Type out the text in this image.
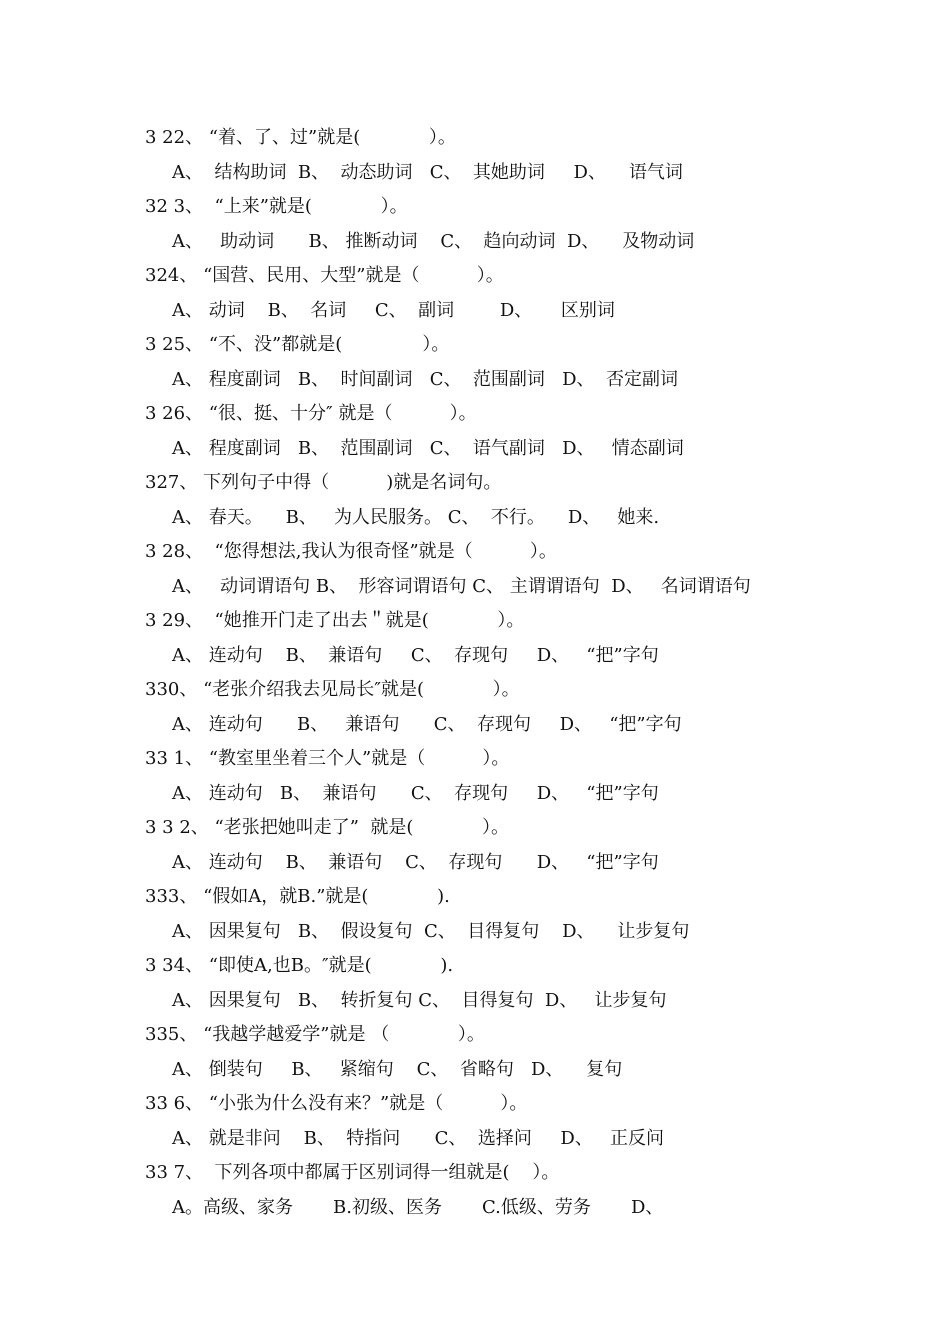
3 22、 “着、了、过”就是(            ）。
A、  结构助词  B、  动态助词   C、  其她助词     D、    语气词
32 3、  “上来”就是(            ）。
A、   助动词      B、 推断动词    C、  趋向动词  D、    及物动词
324、 “国营、民用、大型”就是（          ）。
A、 动词    B、  名词     C、  副词        D、     区别词
3 25、 “不、没”都就是(              ）。
A、 程度副词   B、  时间副词   C、  范围副词   D、  否定副词
3 26、 “很、挺、十分″ 就是（          ）。
A、 程度副词   B、  范围副词   C、  语气副词   D、   情态副词
327、 下列句子中得（          )就是名词句。
A、 春天。    B、   为人民服务。 C、  不行。    D、   她来.
3 28、  “您得想法,我认为很奇怪”就是（          ）。
A、   动词谓语句 B、  形容词谓语句 C、 主谓谓语句  D、   名词谓语句
3 29、  “她推开门走了出去＂就是(            ）。
A、 连动句    B、  兼语句     C、  存现句     D、   “把”字句
330、 “老张介绍我去见局长″就是(            ）。
A、 连动句      B、   兼语句      C、  存现句     D、   “把”字句
33 1、 “教室里坐着三个人”就是（          ）。
A、 连动句   B、  兼语句      C、  存现句     D、   “把”字句
3 3 2、 “老张把她叫走了”  就是(            ）。
A、 连动句    B、  兼语句    C、  存现句      D、   “把”字句
333、 “假如A，就B.”就是(            ).
A、 因果复句   B、  假设复句  C、  目得复句    D、    让步复句
3 34、 “即使A,也B。″就是(            ).
A、 因果复句   B、  转折复句 C、  目得复句  D、   让步复句
335、 “我越学越爱学”就是 （            ）。
A、 倒装句     B、   紧缩句    C、  省略句   D、    复句
33 6、 “小张为什么没有来？”就是（          ）。
A、 就是非问    B、  特指问      C、  选择问     D、   正反问
33 7、  下列各项中都属于区别词得一组就是(    ）。
A。高级、家务       B.初级、医务       C.低级、劳务       D、
